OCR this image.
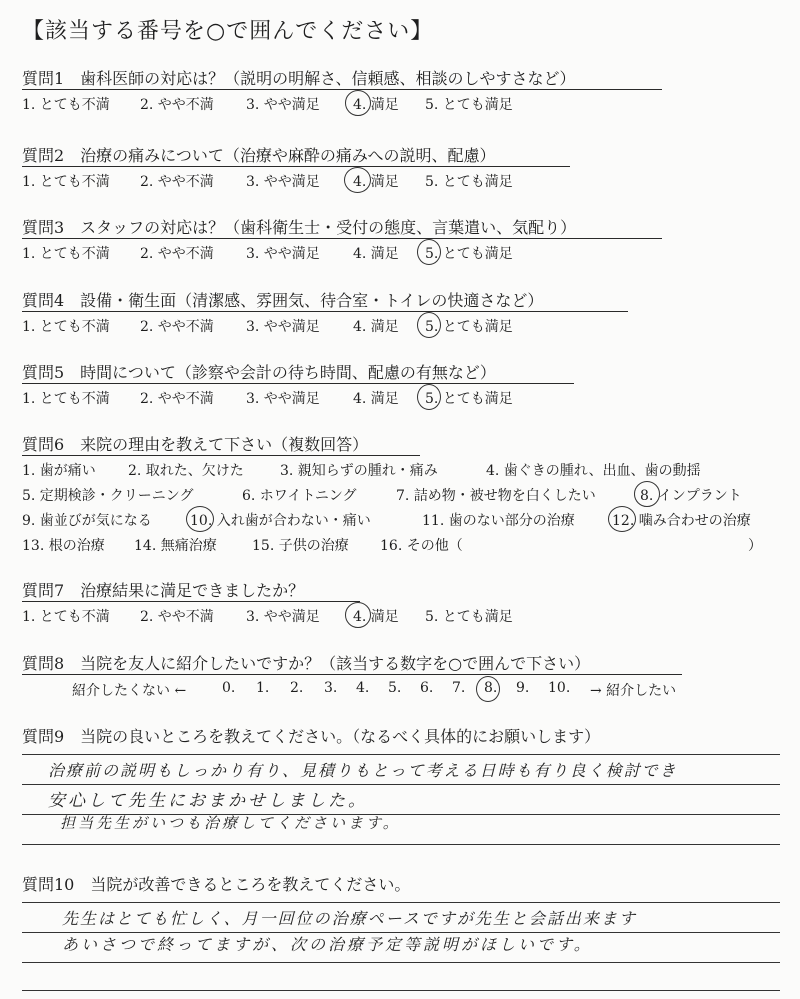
【該当する番号を○で囲んでください】
質問1　歯科医師の対応は？（説明の明解さ、信頼感、相談のしやすさなど）
1. とても不満 2. やや不満 3. やや満足 4. 満足 5. とても満足
質問2　治療の痛みについて（治療や麻酔の痛みへの説明、配慮）
1. とても不満 2. やや不満 3. やや満足 4. 満足 5. とても満足
質問3　スタッフの対応は？（歯科衛生士・受付の態度、言葉遣い、気配り）
1. とても不満 2. やや不満 3. やや満足 4. 満足 5. とても満足
質問4　設備・衛生面（清潔感、雰囲気、待合室・トイレの快適さなど）
1. とても不満 2. やや不満 3. やや満足 4. 満足 5. とても満足
質問5　時間について（診察や会計の待ち時間、配慮の有無など）
1. とても不満 2. やや不満 3. やや満足 4. 満足 5. とても満足
質問6　来院の理由を教えて下さい（複数回答）
1. 歯が痛い 2. 取れた、欠けた	3. 親知らずの腫れ・痛み	4. 歯ぐきの腫れ、出血、歯の動揺
5. 定期検診・クリーニング	6. ホワイトニング	7. 詰め物・被せ物を白くしたい	8. インプラント
9. 歯並びが気になる	10. 入れ歯が合わない・痛い	11. 歯のない部分の治療	12. 噛み合わせの治療
13. 根の治療 14. 無痛治療	15. 子供の治療 16. その他（	）
質問7　治療結果に満足できましたか？
1. とても不満 2. やや不満 3. やや満足 4. 満足 5. とても満足
質問8　当院を友人に紹介したいですか？（該当する数字を○で囲んで下さい）
紹介したくない ←	0. 1. 2. 3. 4. 5. 6. 7. 8. 9. 10. → 紹介したい
質問9　当院の良いところを教えてください。（なるべく具体的にお願いします）
治療前の説明もしっかり有り、見積りもとって考える日時も有り良く検討でき
安心して先生におまかせしました。
担当先生がいつも治療してくださいます。
質問10　当院が改善できるところを教えてください。
先生はとても忙しく、月一回位の治療ペースですが先生と会話出来ます
あいさつで終ってますが、次の治療予定等説明がほしいです。
